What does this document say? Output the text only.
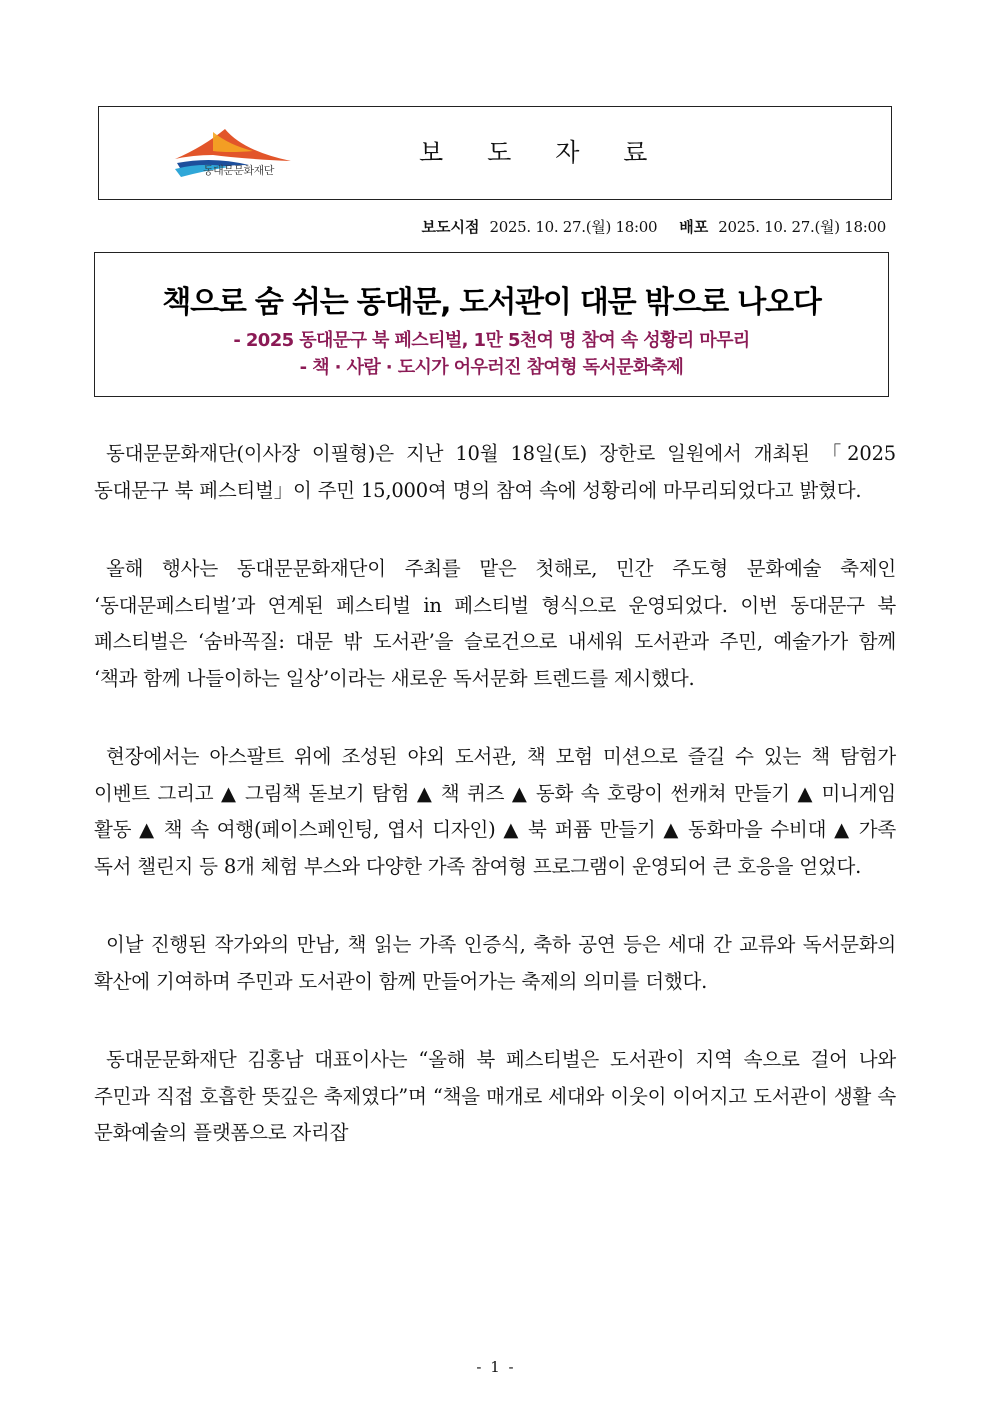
동대문문화재단
보 도 자 료
보도시점 2025. 10. 27.(월) 18:00 배포 2025. 10. 27.(월) 18:00
책으로 숨 쉬는 동대문, 도서관이 대문 밖으로 나오다
- 2025 동대문구 북 페스티벌, 1만 5천여 명 참여 속 성황리 마무리
- 책 · 사람 · 도시가 어우러진 참여형 독서문화축제

동대문문화재단(이사장 이필형)은 지난 10월 18일(토) 장한로 일원에서 개최된 「2025 동대문구 북 페스티벌」이 주민 15,000여 명의 참여 속에 성황리에 마무리되었다고 밝혔다.

올해 행사는 동대문문화재단이 주최를 맡은 첫해로, 민간 주도형 문화예술 축제인 ‘동대문페스티벌’과 연계된 페스티벌 in 페스티벌 형식으로 운영되었다. 이번 동대문구 북 페스티벌은 ‘숨바꼭질: 대문 밖 도서관’을 슬로건으로 내세워 도서관과 주민, 예술가가 함께 ‘책과 함께 나들이하는 일상’이라는 새로운 독서문화 트렌드를 제시했다.

현장에서는 아스팔트 위에 조성된 야외 도서관, 책 모험 미션으로 즐길 수 있는 책 탐험가 이벤트 그리고 ▲ 그림책 돋보기 탐험 ▲ 책 퀴즈 ▲ 동화 속 호랑이 썬캐쳐 만들기 ▲ 미니게임 활동 ▲ 책 속 여행(페이스페인팅, 엽서 디자인) ▲ 북 퍼퓸 만들기 ▲ 동화마을 수비대 ▲ 가족 독서 챌린지 등 8개 체험 부스와 다양한 가족 참여형 프로그램이 운영되어 큰 호응을 얻었다.

이날 진행된 작가와의 만남, 책 읽는 가족 인증식, 축하 공연 등은 세대 간 교류와 독서문화의 확산에 기여하며 주민과 도서관이 함께 만들어가는 축제의 의미를 더했다.

동대문문화재단 김홍남 대표이사는 “올해 북 페스티벌은 도서관이 지역 속으로 걸어 나와 주민과 직접 호흡한 뜻깊은 축제였다”며 “책을 매개로 세대와 이웃이 이어지고 도서관이 생활 속 문화예술의 플랫폼으로 자리잡

- 1 -
